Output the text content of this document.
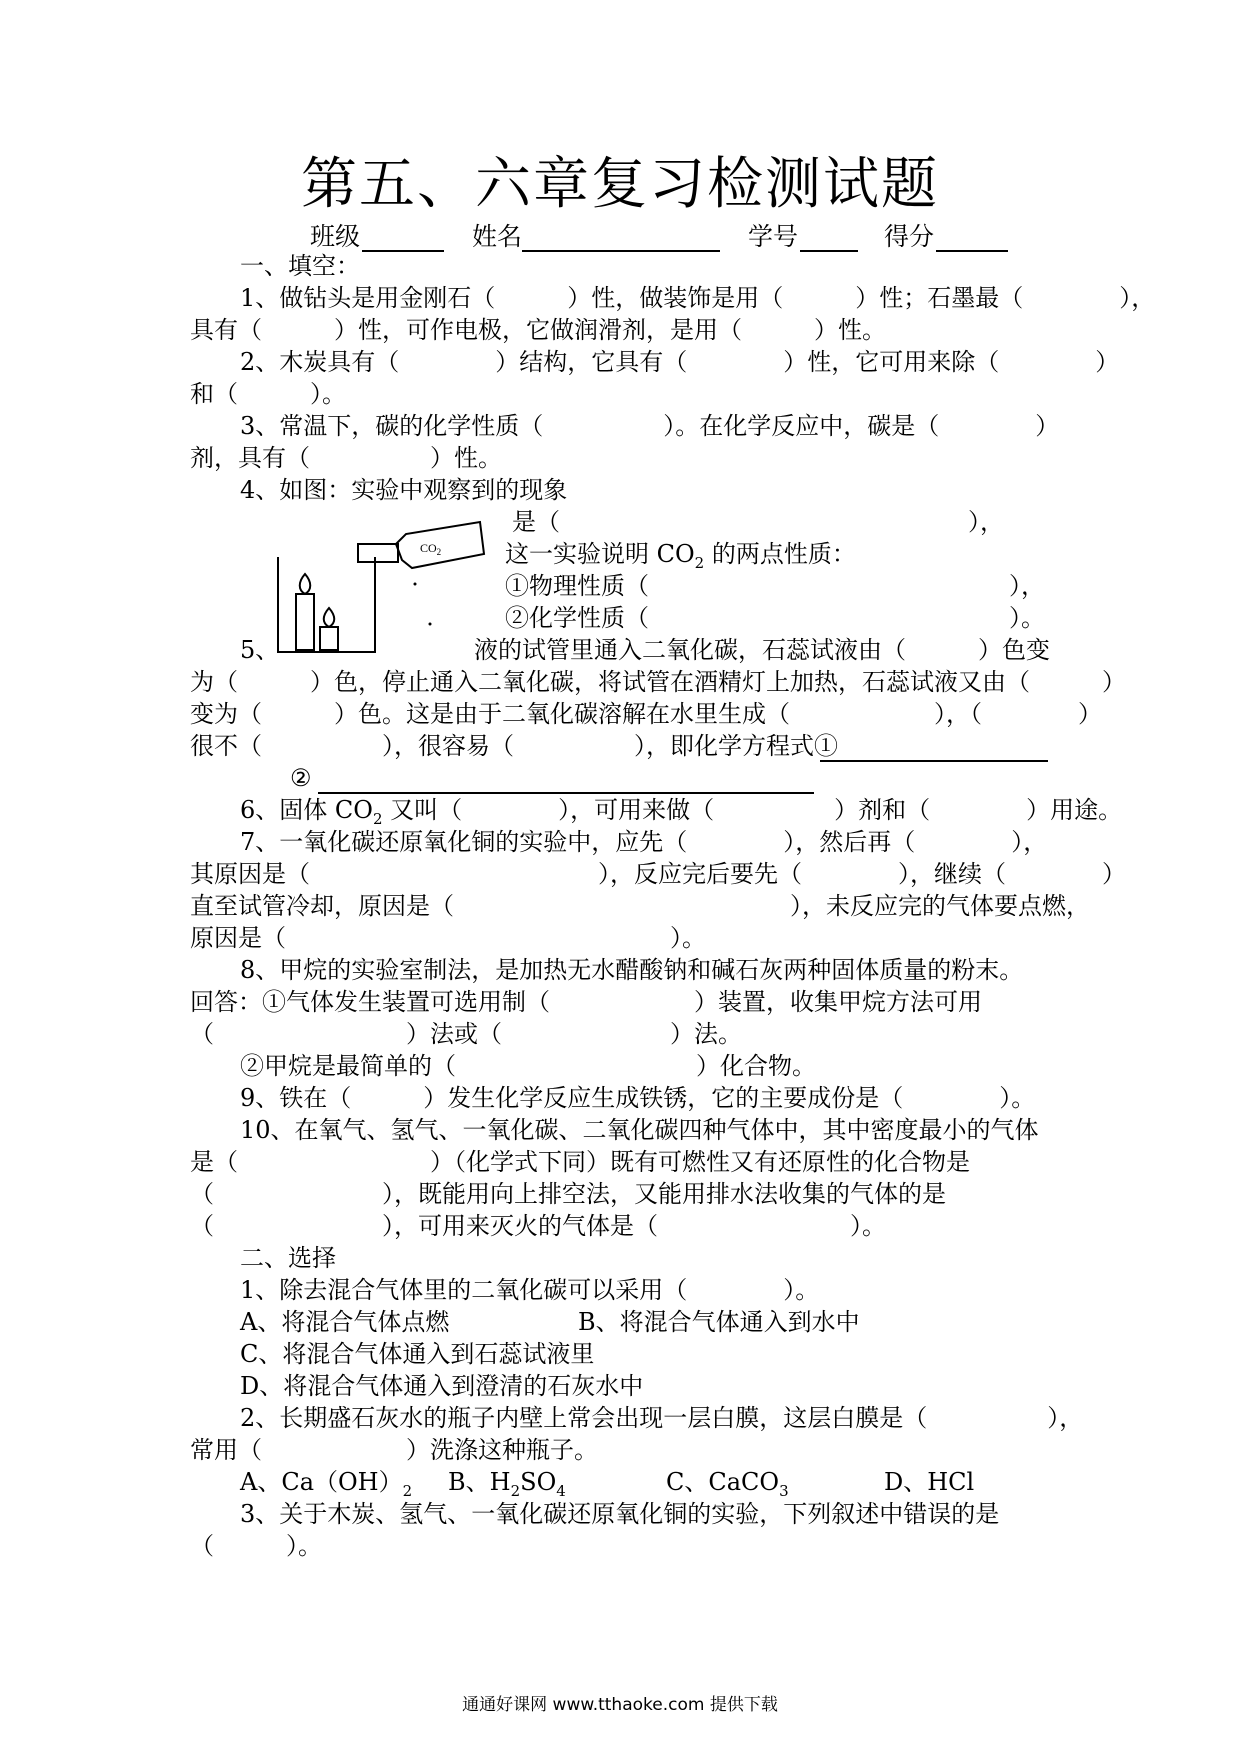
第五、六章复习检测试题
班级	姓名	学号	得分
一、填空：
1、做钻头是用金刚石（　　　）性，做装饰是用（　　　）性；石墨最（　　　　），
具有（　　　）性，可作电极，它做润滑剂，是用（　　　）性。
2、木炭具有（　　　　）结构，它具有（　　　　）性，它可用来除（　　　　）
和（　　　）。
3、常温下，碳的化学性质（　　　　　）。在化学反应中，碳是（　　　　）
剂，具有（　　　　　）性。
4、如图：实验中观察到的现象
是（　　　　　　　　　　　　　　　　　），
这一实验说明 $CO_2$ 的两点性质：
①物理性质（　　　　　　　　　　　　　　　），
②化学性质（　　　　　　　　　　　　　　　）。
$CO_2$
5、	液的试管里通入二氧化碳，石蕊试液由（　　　）色变
为（　　　）色，停止通入二氧化碳，将试管在酒精灯上加热，石蕊试液又由（　　　）
变为（　　　）色。这是由于二氧化碳溶解在水里生成（　　　　　　），（　　　　）
很不（　　　　　），很容易（　　　　　），即化学方程式①
②
6、固体 $CO_2$ 又叫（　　　　），可用来做（　　　　　）剂和（　　　　）用途。
7、一氧化碳还原氧化铜的实验中，应先（　　　　），然后再（　　　　），
其原因是（　　　　　　　　　　　　），反应完后要先（　　　　），继续（　　　　）
直至试管冷却，原因是（　　　　　　　　　　　　　　），未反应完的气体要点燃，
原因是（　　　　　　　　　　　　　　　　）。
8、甲烷的实验室制法，是加热无水醋酸钠和碱石灰两种固体质量的粉末。
回答：①气体发生装置可选用制（　　　　　　）装置，收集甲烷方法可用
（　　　　　　　　）法或（　　　　　　　）法。
②甲烷是最简单的（　　　　　　　　　　）化合物。
9、铁在（　　　）发生化学反应生成铁锈，它的主要成份是（　　　　）。
10、在氧气、氢气、一氧化碳、二氧化碳四种气体中，其中密度最小的气体
是（　　　　　　　　）（化学式下同）既有可燃性又有还原性的化合物是
（　　　　　　　），既能用向上排空法，又能用排水法收集的气体的是
（　　　　　　　），可用来灭火的气体是（　　　　　　　　）。
二、选择
1、除去混合气体里的二氧化碳可以采用（　　　　）。
A、将混合气体点燃	B、将混合气体通入到水中
C、将混合气体通入到石蕊试液里
D、将混合气体通入到澄清的石灰水中
2、长期盛石灰水的瓶子内壁上常会出现一层白膜，这层白膜是（　　　　　），
常用（　　　　　　）洗涤这种瓶子。
A、$Ca(OH)_2$ B、$H_2SO_4$	C、CaCO$_3$	D、HCl
3、关于木炭、氢气、一氧化碳还原氧化铜的实验，下列叙述中错误的是
（　　　）。
通通好课网 www.tthaoke.com 提供下载
